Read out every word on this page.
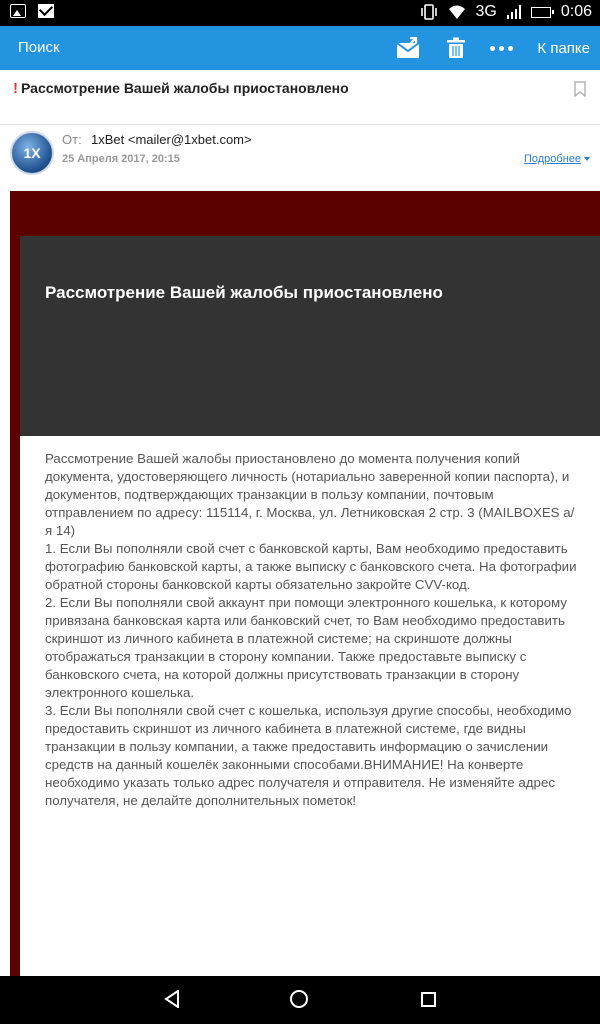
3G	0:06
Поиск	К папке
! Рассмотрение Вашей жалобы приостановлено
1X
От: 1xBet <mailer@1xbet.com>
25 Апреля 2017, 20:15	Подробнее
Рассмотрение Вашей жалобы приостановлено

Рассмотрение Вашей жалобы приостановлено до момента получения копий документа, удостоверяющего личность (нотариально заверенной копии паспорта), и документов, подтверждающих транзакции в пользу компании, почтовым отправлением по адресу: 115114, г. Москва, ул. Летниковская 2 стр. 3 (MAILBOXES а/я 14)

1. Если Вы пополняли свой счет с банковской карты, Вам необходимо предоставить фотографию банковской карты, а также выписку с банковского счета. На фотографии обратной стороны банковской карты обязательно закройте CVV-код.

2. Если Вы пополняли свой аккаунт при помощи электронного кошелька, к которому привязана банковская карта или банковский счет, то Вам необходимо предоставить скриншот из личного кабинета в платежной системе; на скриншоте должны отображаться транзакции в сторону компании. Также предоставьте выписку с банковского счета, на которой должны присутствовать транзакции в сторону электронного кошелька.

3. Если Вы пополняли свой счет с кошелька, используя другие способы, необходимо предоставить скриншот из личного кабинета в платежной системе, где видны транзакции в пользу компании, а также предоставить информацию о зачислении средств на данный кошелёк законными способами.ВНИМАНИЕ! На конверте необходимо указать только адрес получателя и отправителя. Не изменяйте адрес получателя, не делайте дополнительных пометок!
